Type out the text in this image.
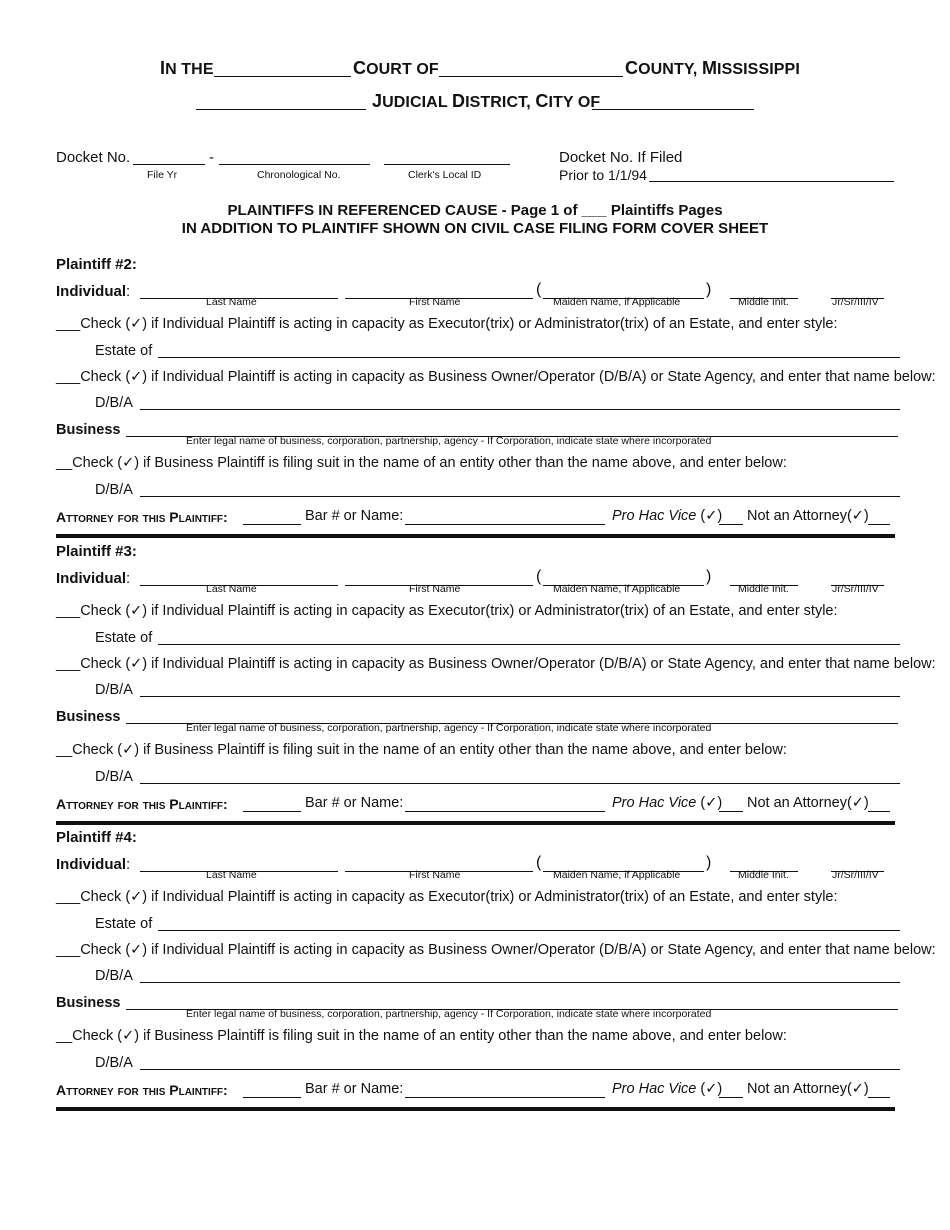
IN THE	COURT OF	COUNTY, MISSISSIPPI
JUDICIAL DISTRICT, CITY OF
Docket No.	-
File Yr	Chronological No.	Clerk's Local ID
Docket No. If Filed
Prior to 1/1/94
PLAINTIFFS IN REFERENCED CAUSE - Page 1 of ___ Plaintiffs Pages
IN ADDITION TO PLAINTIFF SHOWN ON CIVIL CASE FILING FORM COVER SHEET
Plaintiff #2:
Individual:	(	)
Last Name	First Name	Maiden Name, if Applicable	Middle Init.	Jr/Sr/III/IV
___Check (✓) if Individual Plaintiff is acting in capacity as Executor(trix) or Administrator(trix) of an Estate, and enter style:
Estate of
___Check (✓) if Individual Plaintiff is acting in capacity as Business Owner/Operator (D/B/A) or State Agency, and enter that name below:
D/B/A
Business
Enter legal name of business, corporation, partnership, agency - If Corporation, indicate state where incorporated
__Check (✓) if Business Plaintiff is filing suit in the name of an entity other than the name above, and enter below:
D/B/A
Attorney for this Plaintiff:	Bar # or Name:	Pro Hac Vice (✓) Not an Attorney(✓)
Plaintiff #3:
Individual:	(	)
Last Name	First Name	Maiden Name, if Applicable	Middle Init.	Jr/Sr/III/IV
___Check (✓) if Individual Plaintiff is acting in capacity as Executor(trix) or Administrator(trix) of an Estate, and enter style:
Estate of
___Check (✓) if Individual Plaintiff is acting in capacity as Business Owner/Operator (D/B/A) or State Agency, and enter that name below:
D/B/A
Business
Enter legal name of business, corporation, partnership, agency - If Corporation, indicate state where incorporated
__Check (✓) if Business Plaintiff is filing suit in the name of an entity other than the name above, and enter below:
D/B/A
Attorney for this Plaintiff:	Bar # or Name:	Pro Hac Vice (✓) Not an Attorney(✓)
Plaintiff #4:
Individual:	(	)
Last Name	First Name	Maiden Name, if Applicable	Middle Init.	Jr/Sr/III/IV
___Check (✓) if Individual Plaintiff is acting in capacity as Executor(trix) or Administrator(trix) of an Estate, and enter style:
Estate of
___Check (✓) if Individual Plaintiff is acting in capacity as Business Owner/Operator (D/B/A) or State Agency, and enter that name below:
D/B/A
Business
Enter legal name of business, corporation, partnership, agency - If Corporation, indicate state where incorporated
__Check (✓) if Business Plaintiff is filing suit in the name of an entity other than the name above, and enter below:
D/B/A
Attorney for this Plaintiff:	Bar # or Name:	Pro Hac Vice (✓) Not an Attorney(✓)
